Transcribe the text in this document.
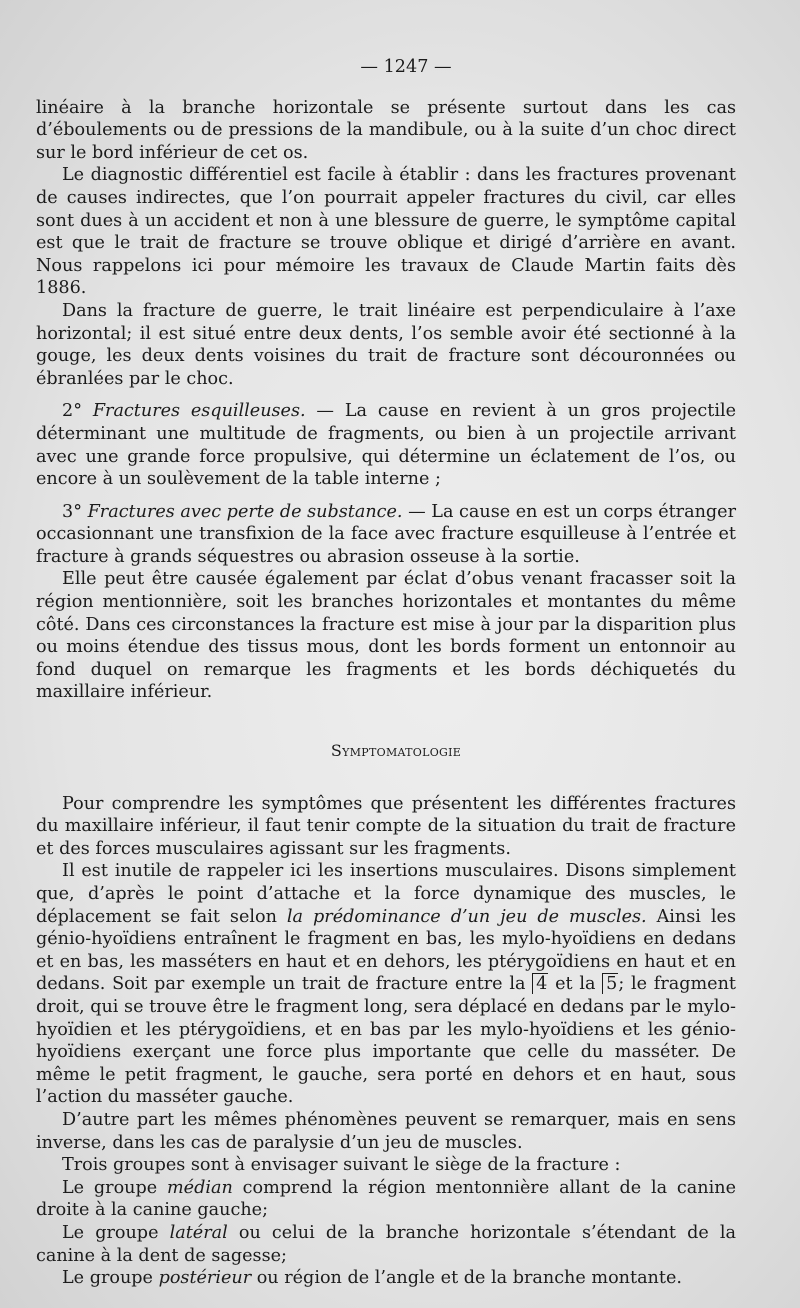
— 1247 —

linéaire à la branche horizontale se présente surtout dans les cas d’éboulements ou de pressions de la mandibule, ou à la suite d’un choc direct sur le bord inférieur de cet os.

Le diagnostic différentiel est facile à établir : dans les fractures provenant de causes indirectes, que l’on pourrait appeler fractures du civil, car elles sont dues à un accident et non à une blessure de guerre, le symptôme capital est que le trait de fracture se trouve oblique et dirigé d’arrière en avant. Nous rappelons ici pour mémoire les travaux de Claude Martin faits dès 1886.

Dans la fracture de guerre, le trait linéaire est perpendiculaire à l’axe horizontal; il est situé entre deux dents, l’os semble avoir été sectionné à la gouge, les deux dents voisines du trait de fracture sont découronnées ou ébranlées par le choc.

2° Fractures esquilleuses. — La cause en revient à un gros projectile déterminant une multitude de fragments, ou bien à un projectile arrivant avec une grande force propulsive, qui détermine un éclatement de l’os, ou encore à un soulèvement de la table interne ;

3° Fractures avec perte de substance. — La cause en est un corps étranger occasionnant une transfixion de la face avec fracture esquilleuse à l’entrée et fracture à grands séquestres ou abrasion osseuse à la sortie.

Elle peut être causée également par éclat d’obus venant fracasser soit la région mentionnière, soit les branches horizontales et montantes du même côté. Dans ces circonstances la fracture est mise à jour par la disparition plus ou moins étendue des tissus mous, dont les bords forment un entonnoir au fond duquel on remarque les fragments et les bords déchiquetés du maxillaire inférieur.

Symptomatologie

Pour comprendre les symptômes que présentent les différentes fractures du maxillaire inférieur, il faut tenir compte de la situation du trait de fracture et des forces musculaires agissant sur les fragments.

Il est inutile de rappeler ici les insertions musculaires. Disons simplement que, d’après le point d’attache et la force dynamique des muscles, le déplacement se fait selon la prédominance d’un jeu de muscles. Ainsi les génio-hyoïdiens entraînent le fragment en bas, les mylo-hyoïdiens en dedans et en bas, les masséters en haut et en dehors, les ptérygoïdiens en haut et en dedans. Soit par exemple un trait de fracture entre la 4 et la 5; le fragment droit, qui se trouve être le fragment long, sera déplacé en dedans par le mylo-hyoïdien et les ptérygoïdiens, et en bas par les mylo-hyoïdiens et les génio-hyoïdiens exerçant une force plus importante que celle du masséter. De même le petit fragment, le gauche, sera porté en dehors et en haut, sous l’action du masséter gauche.

D’autre part les mêmes phénomènes peuvent se remarquer, mais en sens inverse, dans les cas de paralysie d’un jeu de muscles.

Trois groupes sont à envisager suivant le siège de la fracture :

Le groupe médian comprend la région mentonnière allant de la canine droite à la canine gauche;

Le groupe latéral ou celui de la branche horizontale s’étendant de la canine à la dent de sagesse;

Le groupe postérieur ou région de l’angle et de la branche montante.
